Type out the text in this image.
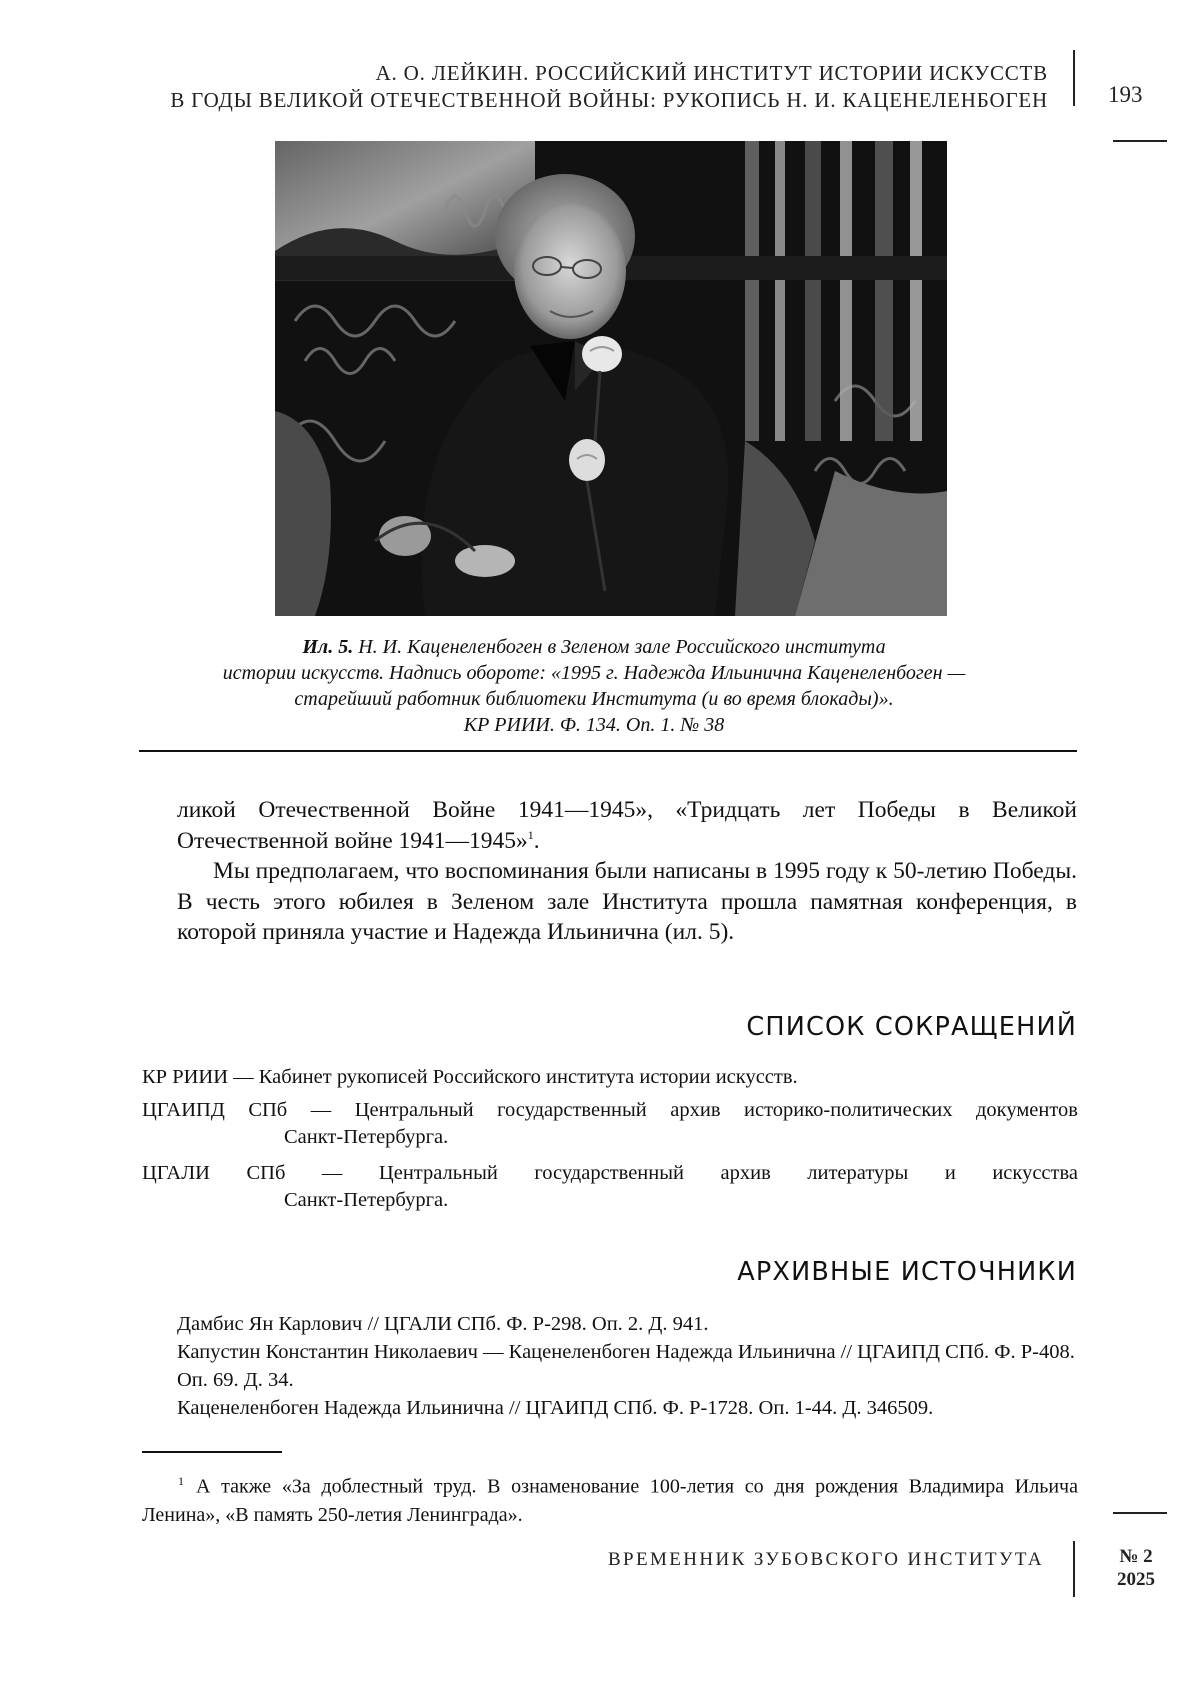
А. О. ЛЕЙКИН. РОССИЙСКИЙ ИНСТИТУТ ИСТОРИИ ИСКУССТВ
В ГОДЫ ВЕЛИКОЙ ОТЕЧЕСТВЕННОЙ ВОЙНЫ: РУКОПИСЬ Н. И. КАЦЕНЕЛЕНБОГЕН	193
Ил. 5. Н. И. Каценеленбоген в Зеленом зале Российского института
истории искусств. Надпись обороте: «1995 г. Надежда Ильинична Каценеленбоген —
старейший работник библиотеки Института (и во время блокады)».
КР РИИИ. Ф. 134. Оп. 1. № 38

ликой Отечественной Войне 1941—1945», «Тридцать лет Победы в Великой Отечественной войне 1941—1945»$^1$.

Мы предполагаем, что воспоминания были написаны в 1995 году к 50-летию Победы. В честь этого юбилея в Зеленом зале Института прошла памятная конференция, в которой приняла участие и Надежда Ильинична (ил. 5).

СПИСОК СОКРАЩЕНИЙ
КР РИИИ — Кабинет рукописей Российского института истории искусств.
ЦГАИПД СПб — Центральный государственный архив историко-политических документов
Санкт-Петербурга.
ЦГАЛИ СПб — Центральный государственный архив литературы и искусства
Санкт-Петербурга.
АРХИВНЫЕ ИСТОЧНИКИ
Дамбис Ян Карлович // ЦГАЛИ СПб. Ф. Р-298. Оп. 2. Д. 941.
Капустин Константин Николаевич — Каценеленбоген Надежда Ильинична // ЦГАИПД СПб. Ф. Р-408. Оп. 69. Д. 34.
Каценеленбоген Надежда Ильинична // ЦГАИПД СПб. Ф. Р-1728. Оп. 1-44. Д. 346509.
$^1$ А также «За доблестный труд. В ознаменование 100-летия со дня рождения Владимира Ильича Ленина», «В память 250-летия Ленинграда».
ВРЕМЕННИК ЗУБОВСКОГО ИНСТИТУТА	№ 2
2025
